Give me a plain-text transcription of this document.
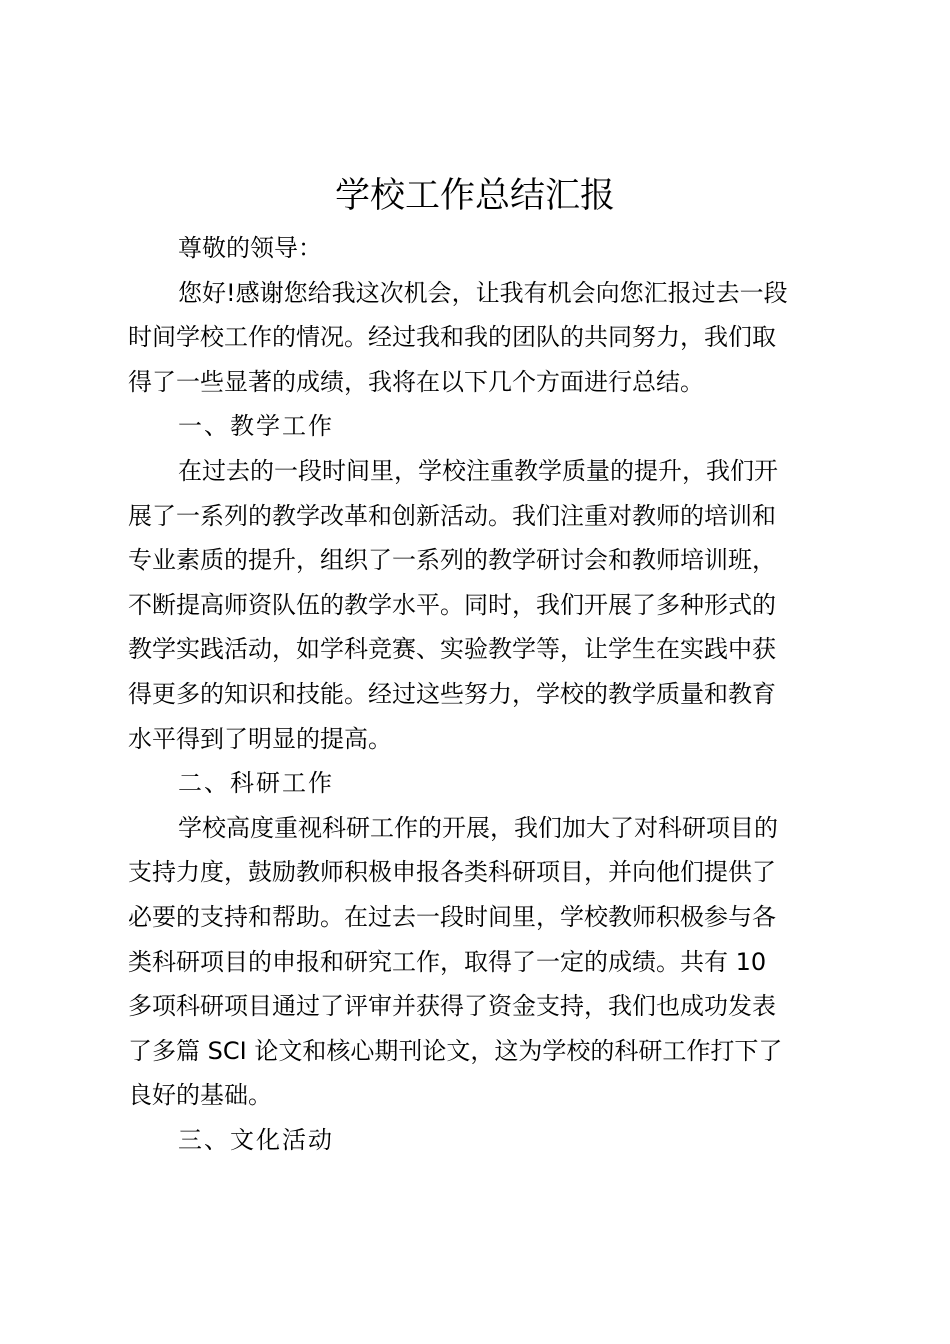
学校工作总结汇报
尊敬的领导：
您好!感谢您给我这次机会，让我有机会向您汇报过去一段
时间学校工作的情况。经过我和我的团队的共同努力，我们取
得了一些显著的成绩，我将在以下几个方面进行总结。
一、教学工作
在过去的一段时间里，学校注重教学质量的提升，我们开
展了一系列的教学改革和创新活动。我们注重对教师的培训和
专业素质的提升，组织了一系列的教学研讨会和教师培训班，
不断提高师资队伍的教学水平。同时，我们开展了多种形式的
教学实践活动，如学科竞赛、实验教学等，让学生在实践中获
得更多的知识和技能。经过这些努力，学校的教学质量和教育
水平得到了明显的提高。
二、科研工作
学校高度重视科研工作的开展，我们加大了对科研项目的
支持力度，鼓励教师积极申报各类科研项目，并向他们提供了
必要的支持和帮助。在过去一段时间里，学校教师积极参与各
类科研项目的申报和研究工作，取得了一定的成绩。共有 10
多项科研项目通过了评审并获得了资金支持，我们也成功发表
了多篇 SCI 论文和核心期刊论文，这为学校的科研工作打下了
良好的基础。
三、文化活动
